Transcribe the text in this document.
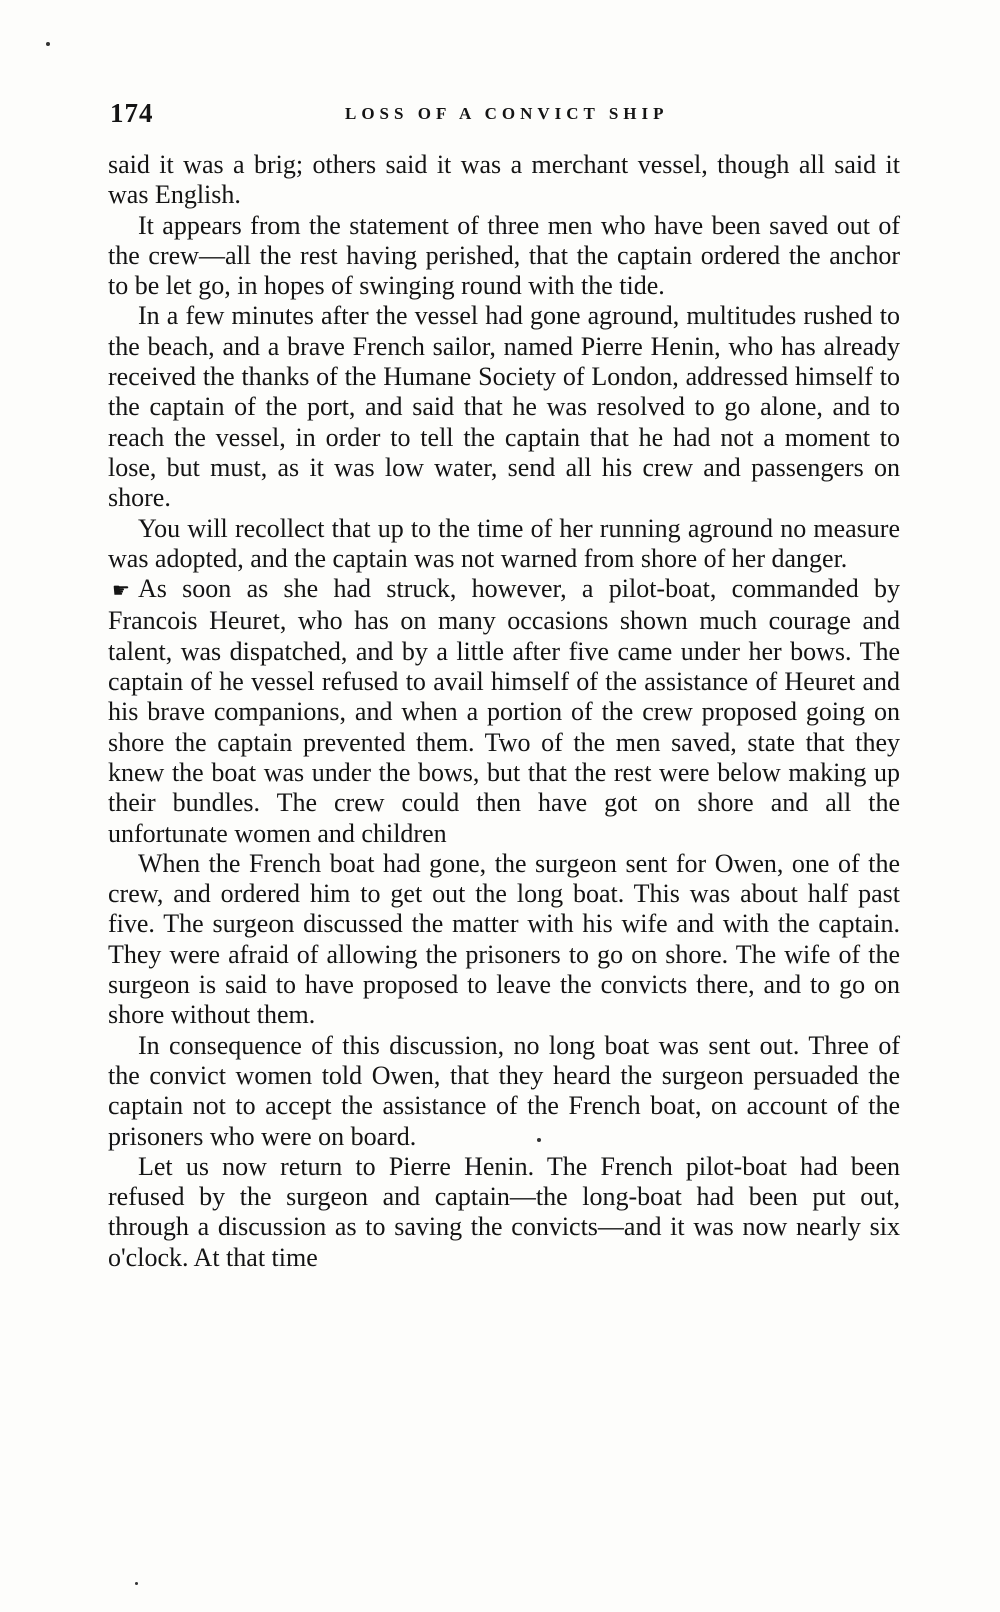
174	LOSS OF A CONVICT SHIP

said it was a brig; others said it was a merchant vessel, though all said it was English.

It appears from the statement of three men who have been saved out of the crew—all the rest having perished, that the captain ordered the anchor to be let go, in hopes of swinging round with the tide.

In a few minutes after the vessel had gone aground, multitudes rushed to the beach, and a brave French sailor, named Pierre Henin, who has already received the thanks of the Humane Society of London, addressed himself to the captain of the port, and said that he was resolved to go alone, and to reach the vessel, in order to tell the captain that he had not a moment to lose, but must, as it was low water, send all his crew and passengers on shore.

You will recollect that up to the time of her running aground no measure was adopted, and the captain was not warned from shore of her danger.

☛ As soon as she had struck, however, a pilot-boat, commanded by Francois Heuret, who has on many occasions shown much courage and talent, was dispatched, and by a little after five came under her bows. The captain of he vessel refused to avail himself of the assistance of Heuret and his brave companions, and when a portion of the crew proposed going on shore the captain prevented them. Two of the men saved, state that they knew the boat was under the bows, but that the rest were below making up their bundles. The crew could then have got on shore and all the unfortunate women and children

When the French boat had gone, the surgeon sent for Owen, one of the crew, and ordered him to get out the long boat. This was about half past five. The surgeon discussed the matter with his wife and with the captain. They were afraid of allowing the prisoners to go on shore. The wife of the surgeon is said to have proposed to leave the convicts there, and to go on shore without them.

In consequence of this discussion, no long boat was sent out. Three of the convict women told Owen, that they heard the surgeon persuaded the captain not to accept the assistance of the French boat, on account of the prisoners who were on board.

Let us now return to Pierre Henin. The French pilot-boat had been refused by the surgeon and captain—the long-boat had been put out, through a discussion as to saving the convicts—and it was now nearly six o'clock. At that time
